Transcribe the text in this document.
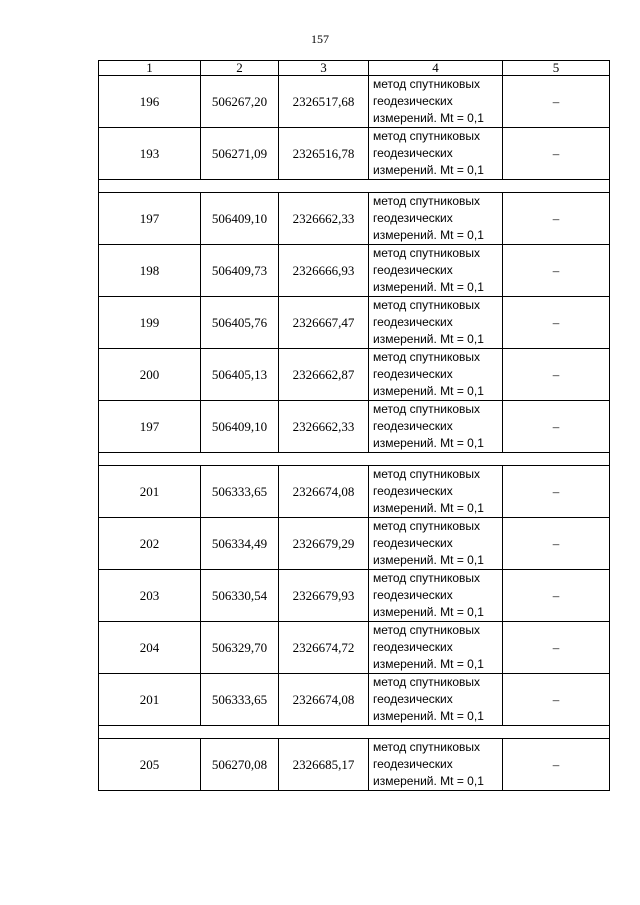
157
1	2	3	4	5
196	506267,20	2326517,68	метод спутниковых геодезических измерений. Mt = 0,1	–
193	506271,09	2326516,78	метод спутниковых геодезических измерений. Mt = 0,1	–

197	506409,10	2326662,33	метод спутниковых геодезических измерений. Mt = 0,1	–
198	506409,73	2326666,93	метод спутниковых геодезических измерений. Mt = 0,1	–
199	506405,76	2326667,47	метод спутниковых геодезических измерений. Mt = 0,1	–
200	506405,13	2326662,87	метод спутниковых геодезических измерений. Mt = 0,1	–
197	506409,10	2326662,33	метод спутниковых геодезических измерений. Mt = 0,1	–

201	506333,65	2326674,08	метод спутниковых геодезических измерений. Mt = 0,1	–
202	506334,49	2326679,29	метод спутниковых геодезических измерений. Mt = 0,1	–
203	506330,54	2326679,93	метод спутниковых геодезических измерений. Mt = 0,1	–
204	506329,70	2326674,72	метод спутниковых геодезических измерений. Mt = 0,1	–
201	506333,65	2326674,08	метод спутниковых геодезических измерений. Mt = 0,1	–

205	506270,08	2326685,17	метод спутниковых геодезических измерений. Mt = 0,1	–
